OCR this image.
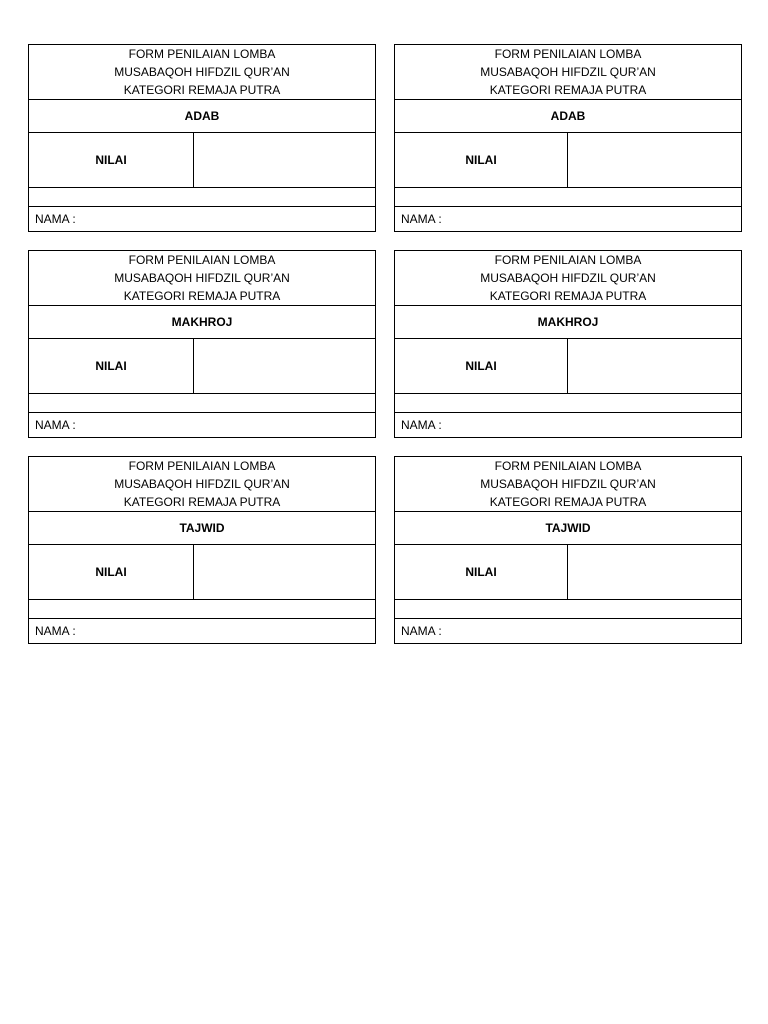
FORM PENILAIAN LOMBA
MUSABAQOH HIFDZIL QUR’AN
KATEGORI REMAJA PUTRA
ADAB
NILAI
NAMA :
FORM PENILAIAN LOMBA
MUSABAQOH HIFDZIL QUR’AN
KATEGORI REMAJA PUTRA
ADAB
NILAI
NAMA :
FORM PENILAIAN LOMBA
MUSABAQOH HIFDZIL QUR’AN
KATEGORI REMAJA PUTRA
MAKHROJ
NILAI
NAMA :
FORM PENILAIAN LOMBA
MUSABAQOH HIFDZIL QUR’AN
KATEGORI REMAJA PUTRA
MAKHROJ
NILAI
NAMA :
FORM PENILAIAN LOMBA
MUSABAQOH HIFDZIL QUR’AN
KATEGORI REMAJA PUTRA
TAJWID
NILAI
NAMA :
FORM PENILAIAN LOMBA
MUSABAQOH HIFDZIL QUR’AN
KATEGORI REMAJA PUTRA
TAJWID
NILAI
NAMA :
